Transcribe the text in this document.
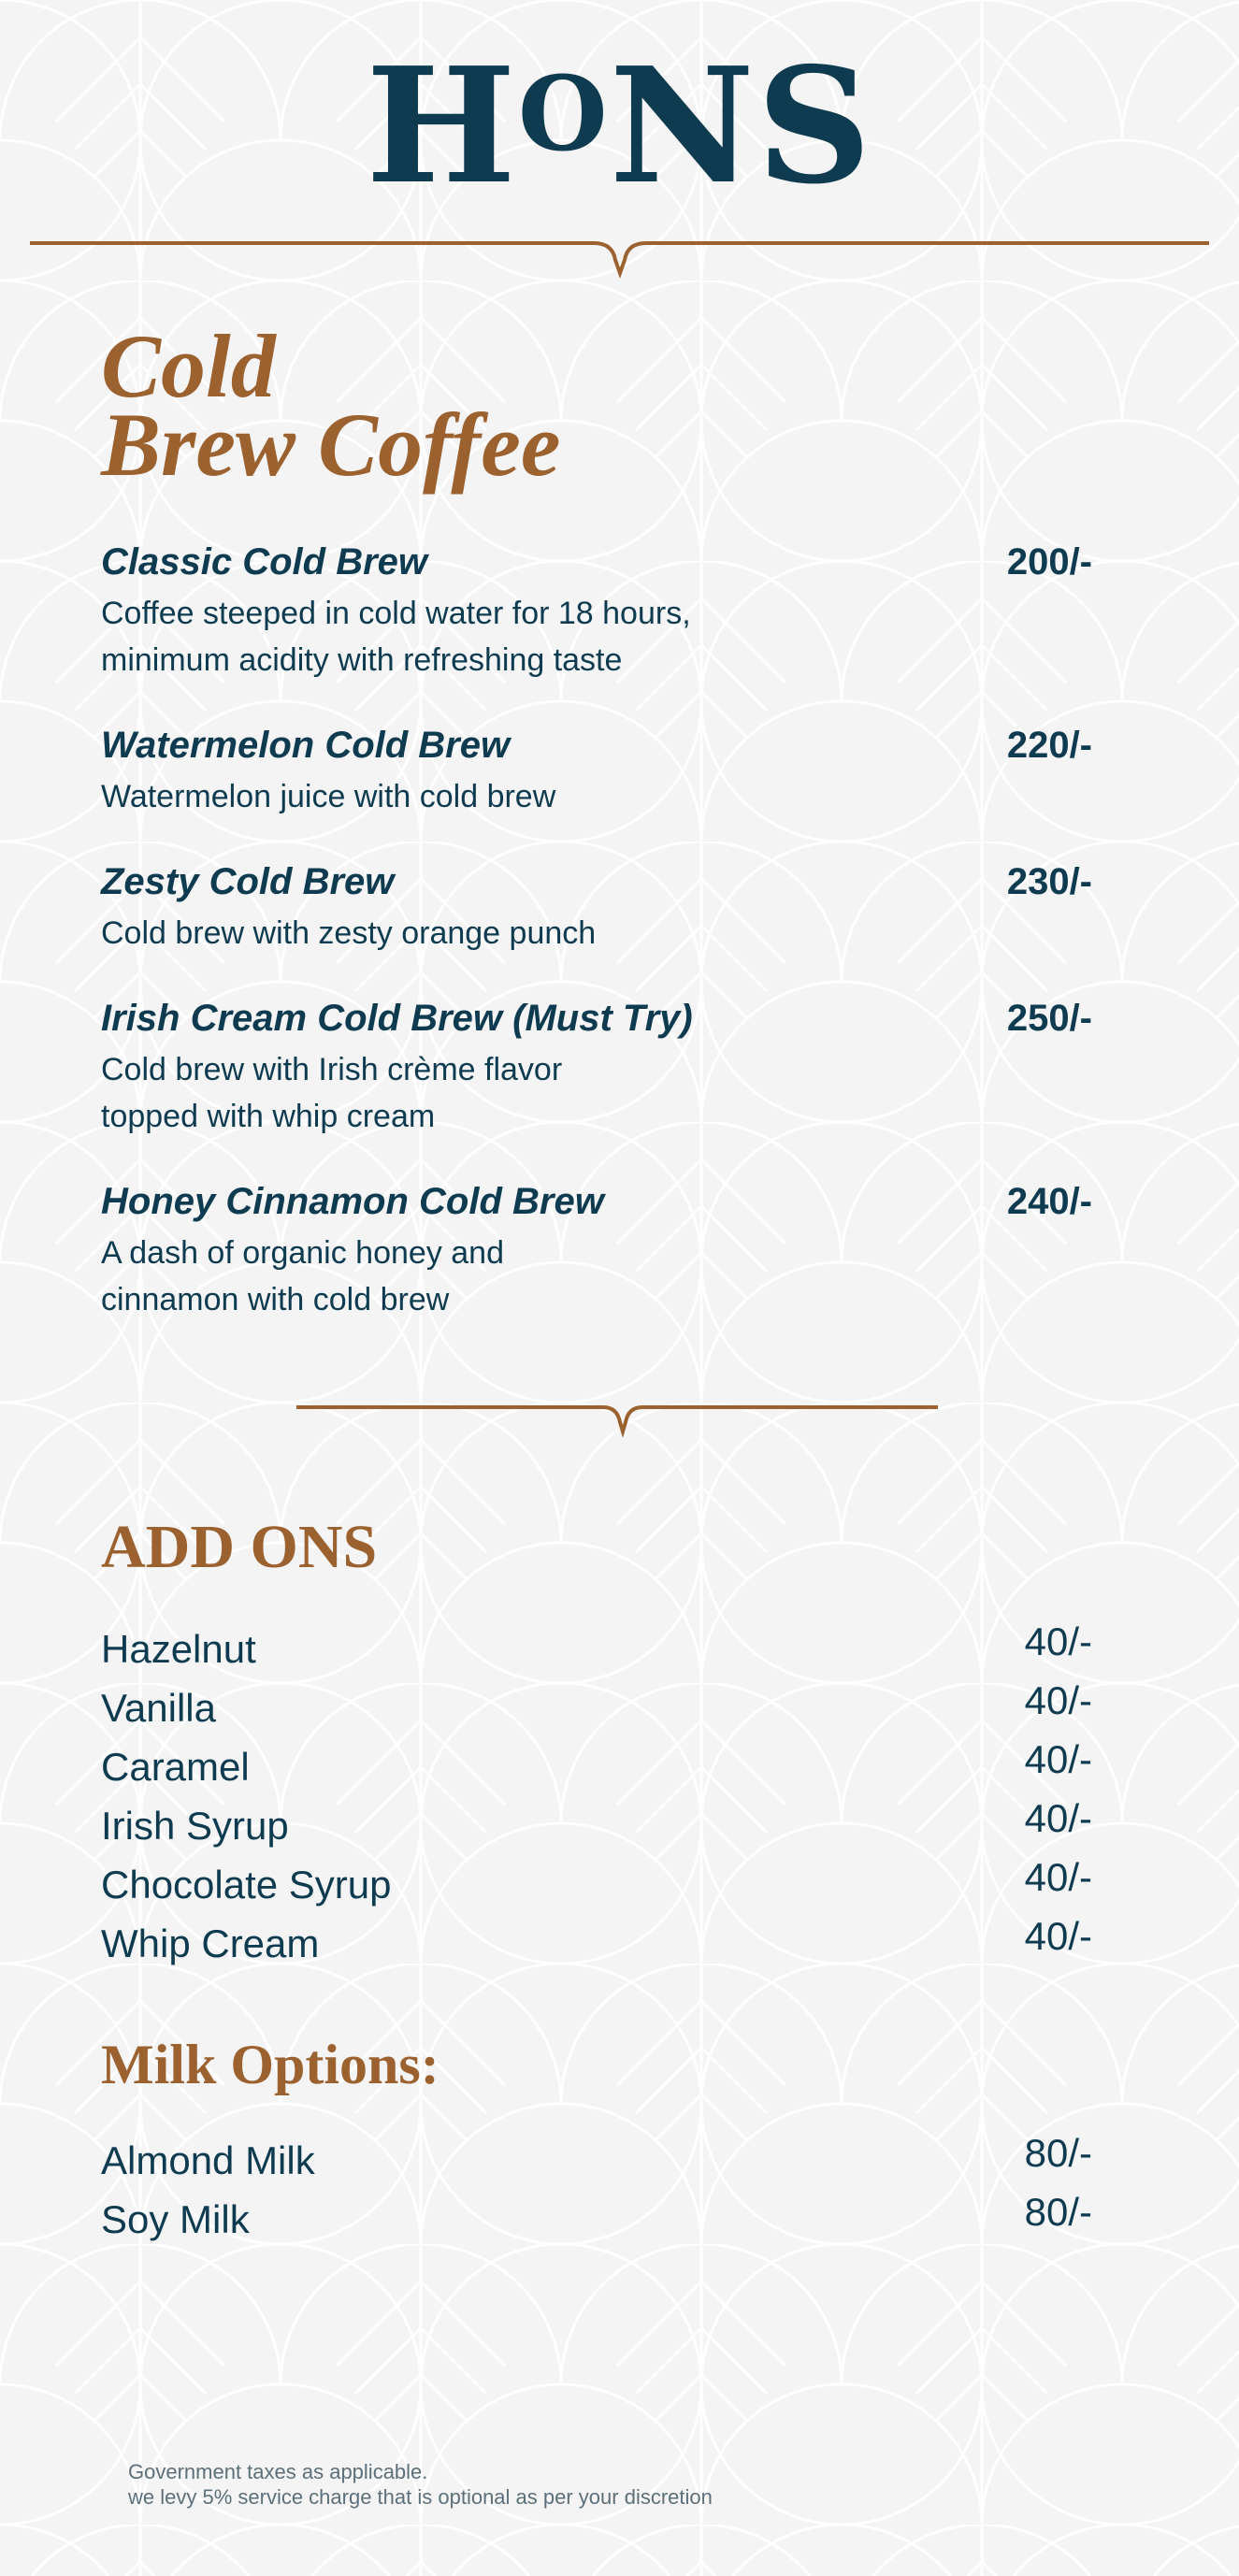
$H^ONS$
Cold
Brew Coffee
Classic Cold Brew	200/-
Coffee steeped in cold water for 18 hours,
minimum acidity with refreshing taste
Watermelon Cold Brew	220/-
Watermelon juice with cold brew
Zesty Cold Brew	230/-
Cold brew with zesty orange punch
Irish Cream Cold Brew (Must Try)	250/-
Cold brew with Irish crème flavor
topped with whip cream
Honey Cinnamon Cold Brew	240/-
A dash of organic honey and
cinnamon with cold brew
ADD ONS
Hazelnut	40/-
Vanilla	40/-
Caramel	40/-
Irish Syrup	40/-
Chocolate Syrup	40/-
Whip Cream	40/-
Milk Options:
Almond Milk	80/-
Soy Milk	80/-
Government taxes as applicable.
we levy 5% service charge that is optional as per your discretion
